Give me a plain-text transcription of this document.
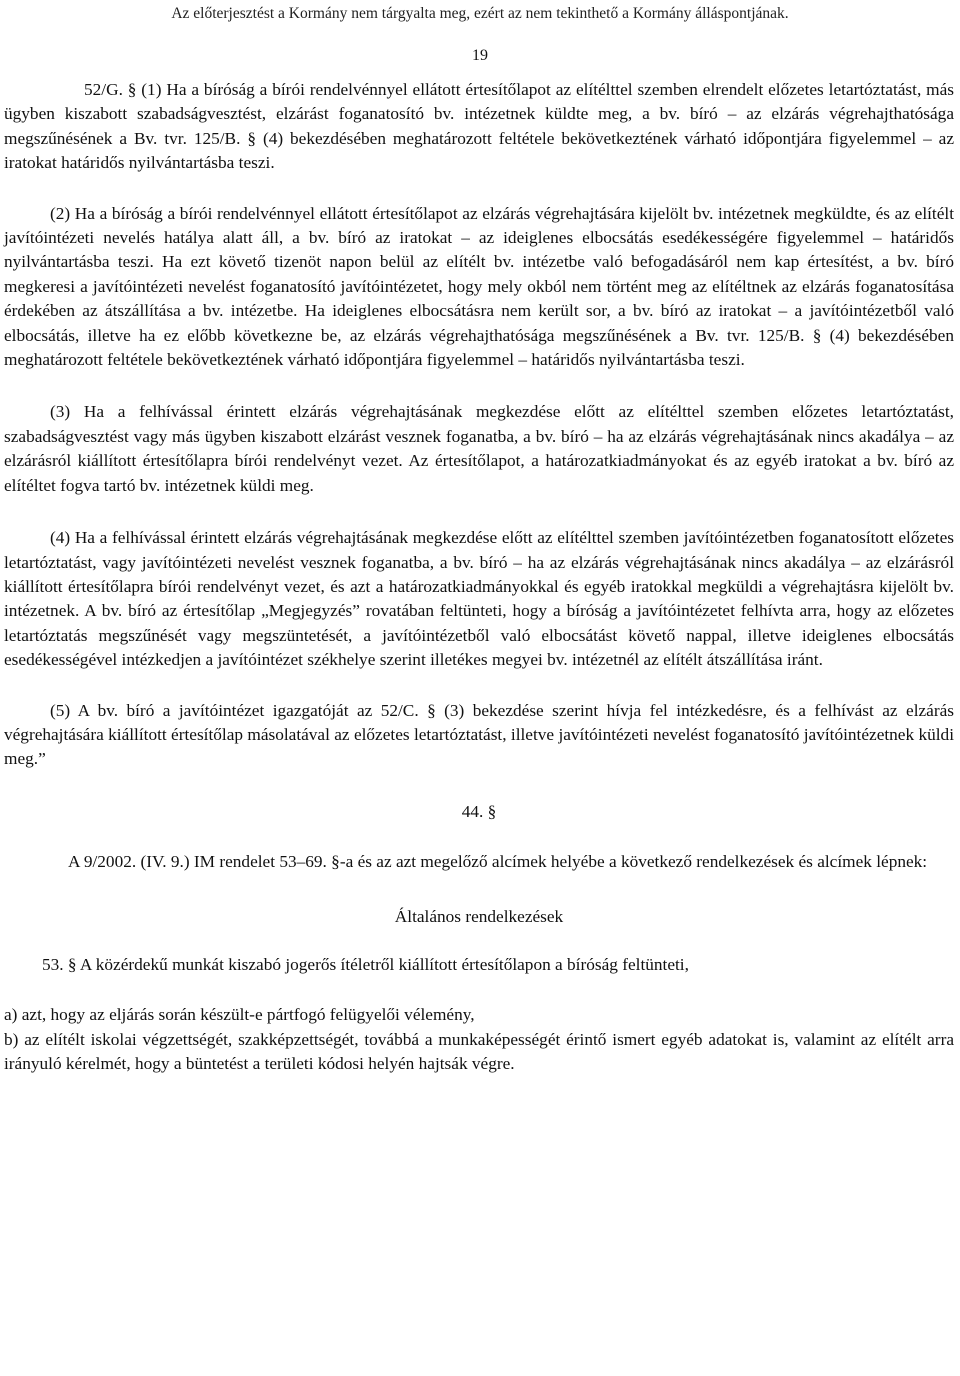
Az előterjesztést a Kormány nem tárgyalta meg, ezért az nem tekinthető a Kormány álláspontjának.
19

52/G. § (1) Ha a bíróság a bírói rendelvénnyel ellátott értesítőlapot az elítélttel szemben elrendelt előzetes letartóztatást, más ügyben kiszabott szabadságvesztést, elzárást foganatosító bv. intézetnek küldte meg, a bv. bíró – az elzárás végrehajthatósága megszűnésének a Bv. tvr. 125/B. § (4) bekezdésében meghatározott feltétele bekövetkeztének várható időpontjára figyelemmel – az iratokat határidős nyilvántartásba teszi.

(2) Ha a bíróság a bírói rendelvénnyel ellátott értesítőlapot az elzárás végrehajtására kijelölt bv. intézetnek megküldte, és az elítélt javítóintézeti nevelés hatálya alatt áll, a bv. bíró az iratokat – az ideiglenes elbocsátás esedékességére figyelemmel – határidős nyilvántartásba teszi. Ha ezt követő tizenöt napon belül az elítélt bv. intézetbe való befogadásáról nem kap értesítést, a bv. bíró megkeresi a javítóintézeti nevelést foganatosító javítóintézetet, hogy mely okból nem történt meg az elítéltnek az elzárás foganatosítása érdekében az átszállítása a bv. intézetbe. Ha ideiglenes elbocsátásra nem került sor, a bv. bíró az iratokat – a javítóintézetből való elbocsátás, illetve ha ez előbb következne be, az elzárás végrehajthatósága megszűnésének a Bv. tvr. 125/B. § (4) bekezdésében meghatározott feltétele bekövetkeztének várható időpontjára figyelemmel – határidős nyilvántartásba teszi.

(3) Ha a felhívással érintett elzárás végrehajtásának megkezdése előtt az elítélttel szemben előzetes letartóztatást, szabadságvesztést vagy más ügyben kiszabott elzárást vesznek foganatba, a bv. bíró – ha az elzárás végrehajtásának nincs akadálya – az elzárásról kiállított értesítőlapra bírói rendelvényt vezet. Az értesítőlapot, a határozatkiadmányokat és az egyéb iratokat a bv. bíró az elítéltet fogva tartó bv. intézetnek küldi meg.

(4) Ha a felhívással érintett elzárás végrehajtásának megkezdése előtt az elítélttel szemben javítóintézetben foganatosított előzetes letartóztatást, vagy javítóintézeti nevelést vesznek foganatba, a bv. bíró – ha az elzárás végrehajtásának nincs akadálya – az elzárásról kiállított értesítőlapra bírói rendelvényt vezet, és azt a határozatkiadmányokkal és egyéb iratokkal megküldi a végrehajtásra kijelölt bv. intézetnek. A bv. bíró az értesítőlap „Megjegyzés” rovatában feltünteti, hogy a bíróság a javítóintézetet felhívta arra, hogy az előzetes letartóztatás megszűnését vagy megszüntetését, a javítóintézetből való elbocsátást követő nappal, illetve ideiglenes elbocsátás esedékességével intézkedjen a javítóintézet székhelye szerint illetékes megyei bv. intézetnél az elítélt átszállítása iránt.

(5) A bv. bíró a javítóintézet igazgatóját az 52/C. § (3) bekezdése szerint hívja fel intézkedésre, és a felhívást az elzárás végrehajtására kiállított értesítőlap másolatával az előzetes letartóztatást, illetve javítóintézeti nevelést foganatosító javítóintézetnek küldi meg.”

44. §

A 9/2002. (IV. 9.) IM rendelet 53–69. §-a és az azt megelőző alcímek helyébe a következő rendelkezések és alcímek lépnek:

Általános rendelkezések

53. § A közérdekű munkát kiszabó jogerős ítéletről kiállított értesítőlapon a bíróság feltünteti,

a) azt, hogy az eljárás során készült-e pártfogó felügyelői vélemény,

b) az elítélt iskolai végzettségét, szakképzettségét, továbbá a munkaképességét érintő ismert egyéb adatokat is, valamint az elítélt arra irányuló kérelmét, hogy a büntetést a területi kódosi helyén hajtsák végre.
